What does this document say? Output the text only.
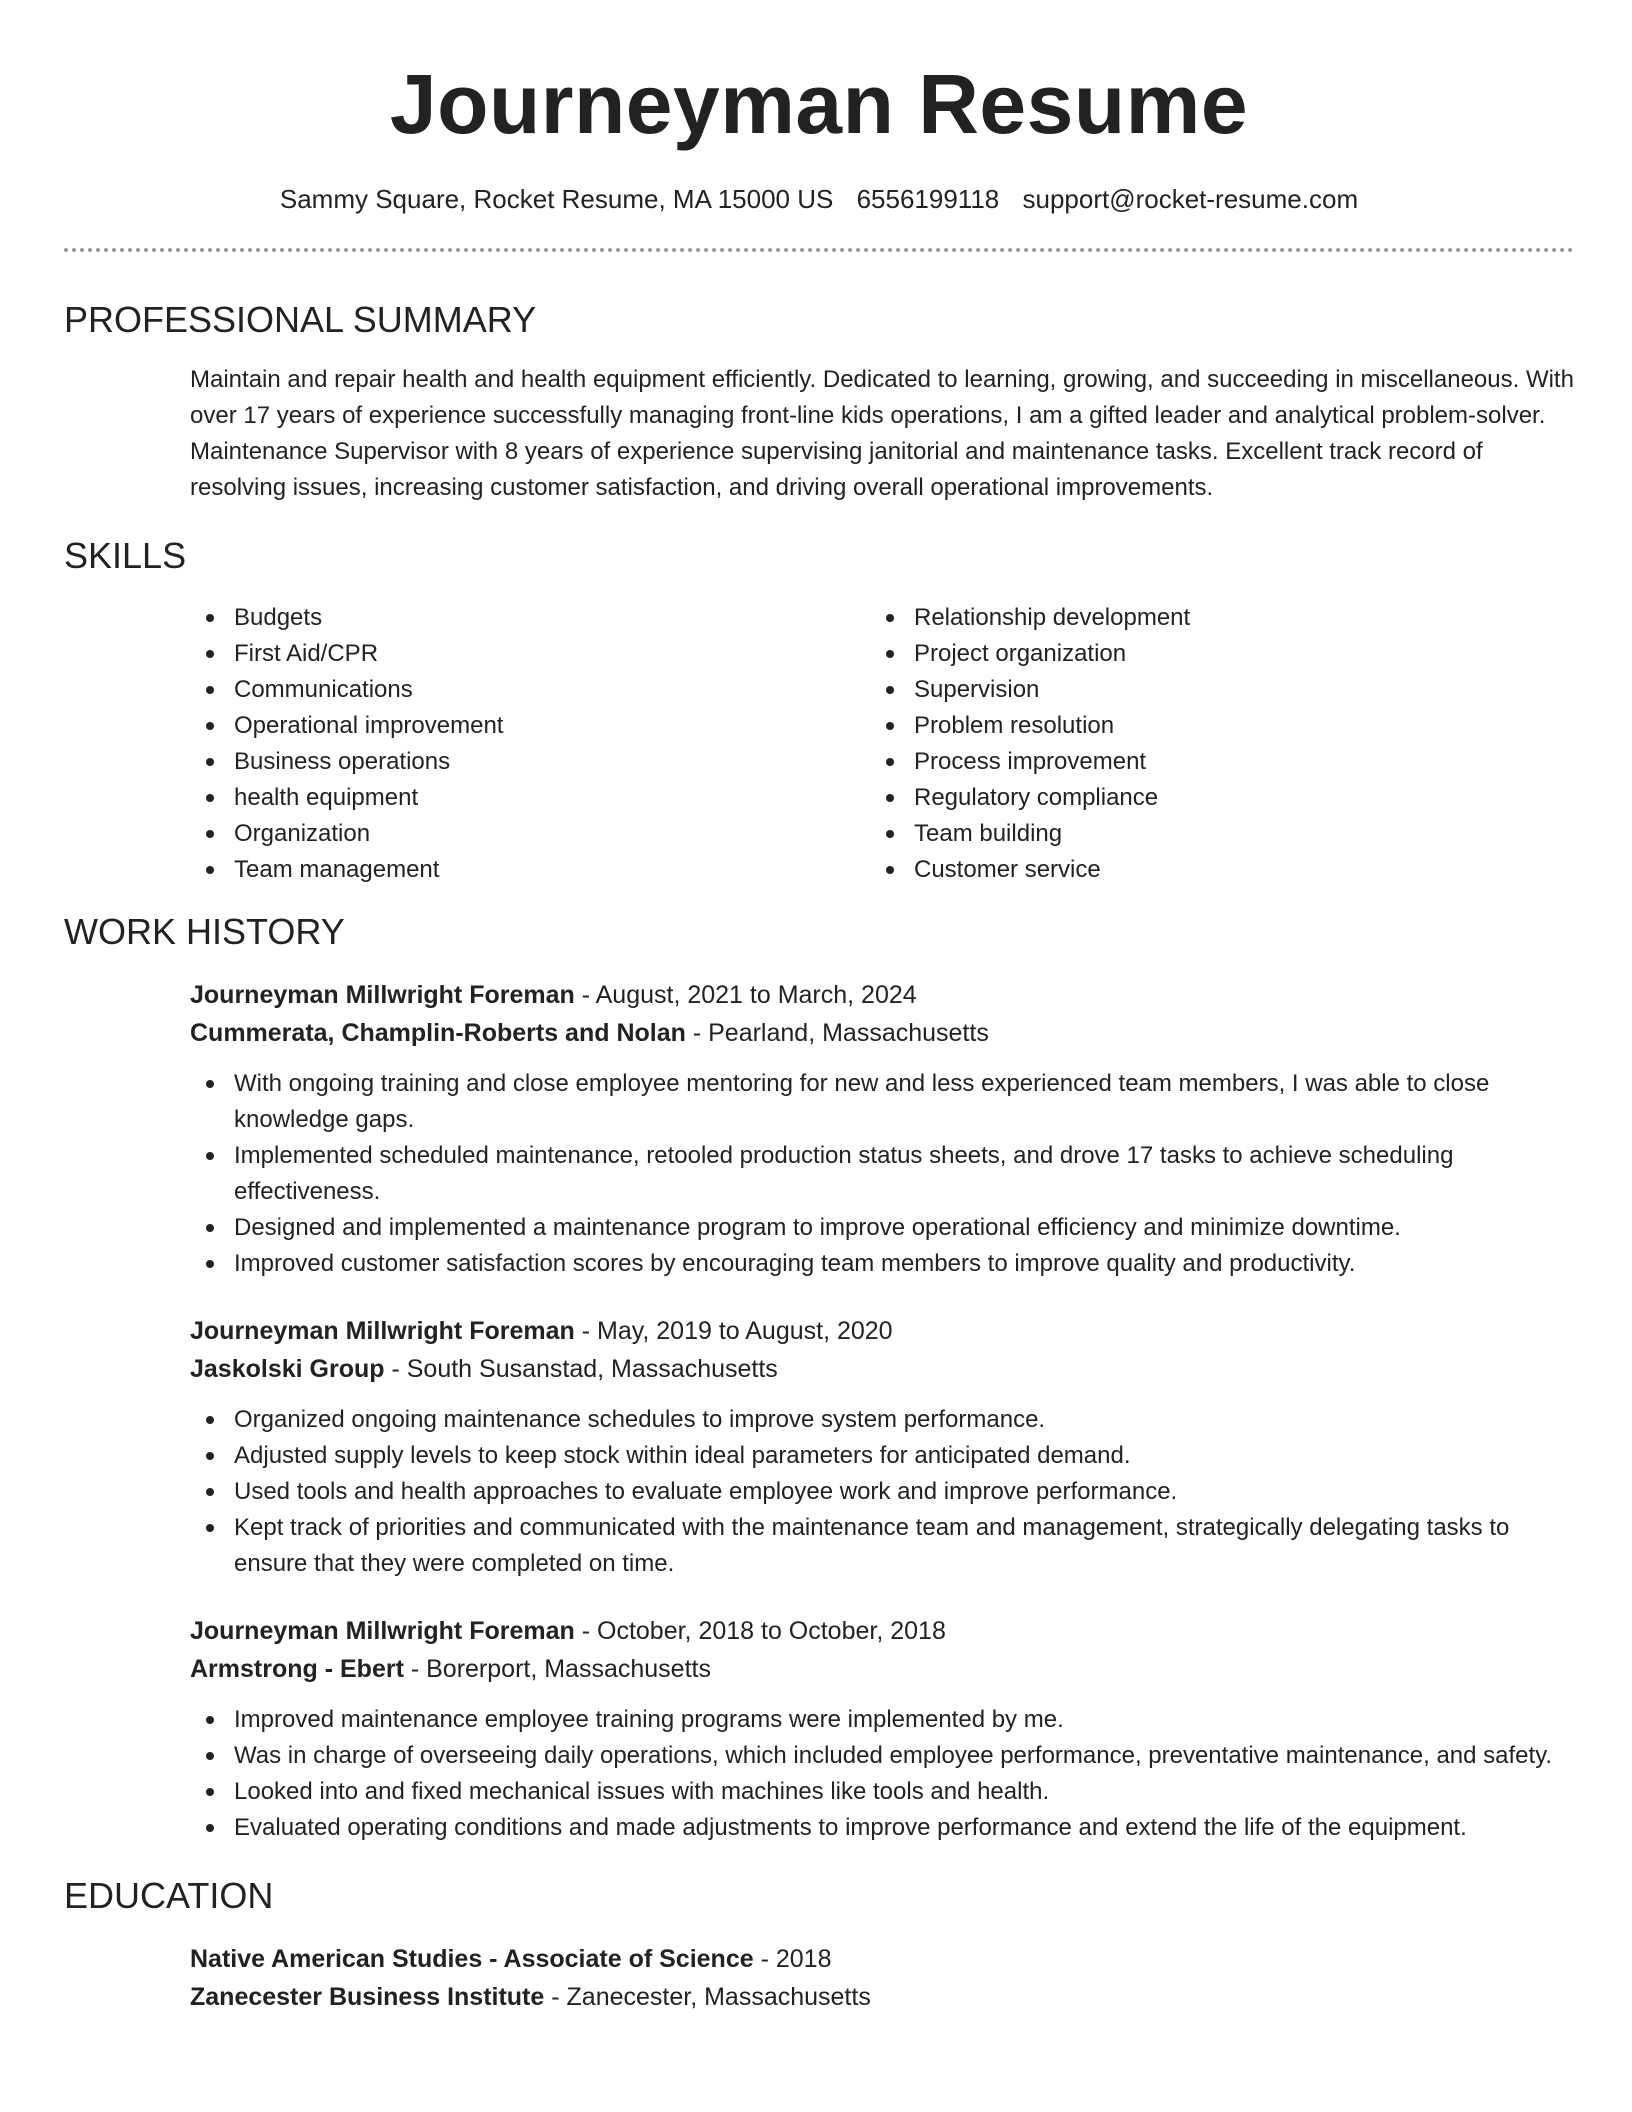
Journeyman Resume
Sammy Square, Rocket Resume, MA 15000 US 6556199118 support@rocket-resume.com
PROFESSIONAL SUMMARY

Maintain and repair health and health equipment efficiently. Dedicated to learning, growing, and succeeding in miscellaneous. With over 17 years of experience successfully managing front-line kids operations, I am a gifted leader and analytical problem-solver. Maintenance Supervisor with 8 years of experience supervising janitorial and maintenance tasks. Excellent track record of resolving issues, increasing customer satisfaction, and driving overall operational improvements.

SKILLS
Budgets
First Aid/CPR
Communications
Operational improvement
Business operations
health equipment
Organization
Team management
Relationship development
Project organization
Supervision
Problem resolution
Process improvement
Regulatory compliance
Team building
Customer service
WORK HISTORY
Journeyman Millwright Foreman - August, 2021 to March, 2024
Cummerata, Champlin-Roberts and Nolan - Pearland, Massachusetts
With ongoing training and close employee mentoring for new and less experienced team members, I was able to close knowledge gaps.
Implemented scheduled maintenance, retooled production status sheets, and drove 17 tasks to achieve scheduling effectiveness.
Designed and implemented a maintenance program to improve operational efficiency and minimize downtime.
Improved customer satisfaction scores by encouraging team members to improve quality and productivity.
Journeyman Millwright Foreman - May, 2019 to August, 2020
Jaskolski Group - South Susanstad, Massachusetts
Organized ongoing maintenance schedules to improve system performance.
Adjusted supply levels to keep stock within ideal parameters for anticipated demand.
Used tools and health approaches to evaluate employee work and improve performance.
Kept track of priorities and communicated with the maintenance team and management, strategically delegating tasks to ensure that they were completed on time.
Journeyman Millwright Foreman - October, 2018 to October, 2018
Armstrong - Ebert - Borerport, Massachusetts
Improved maintenance employee training programs were implemented by me.
Was in charge of overseeing daily operations, which included employee performance, preventative maintenance, and safety.
Looked into and fixed mechanical issues with machines like tools and health.
Evaluated operating conditions and made adjustments to improve performance and extend the life of the equipment.
EDUCATION
Native American Studies - Associate of Science - 2018
Zanecester Business Institute - Zanecester, Massachusetts
